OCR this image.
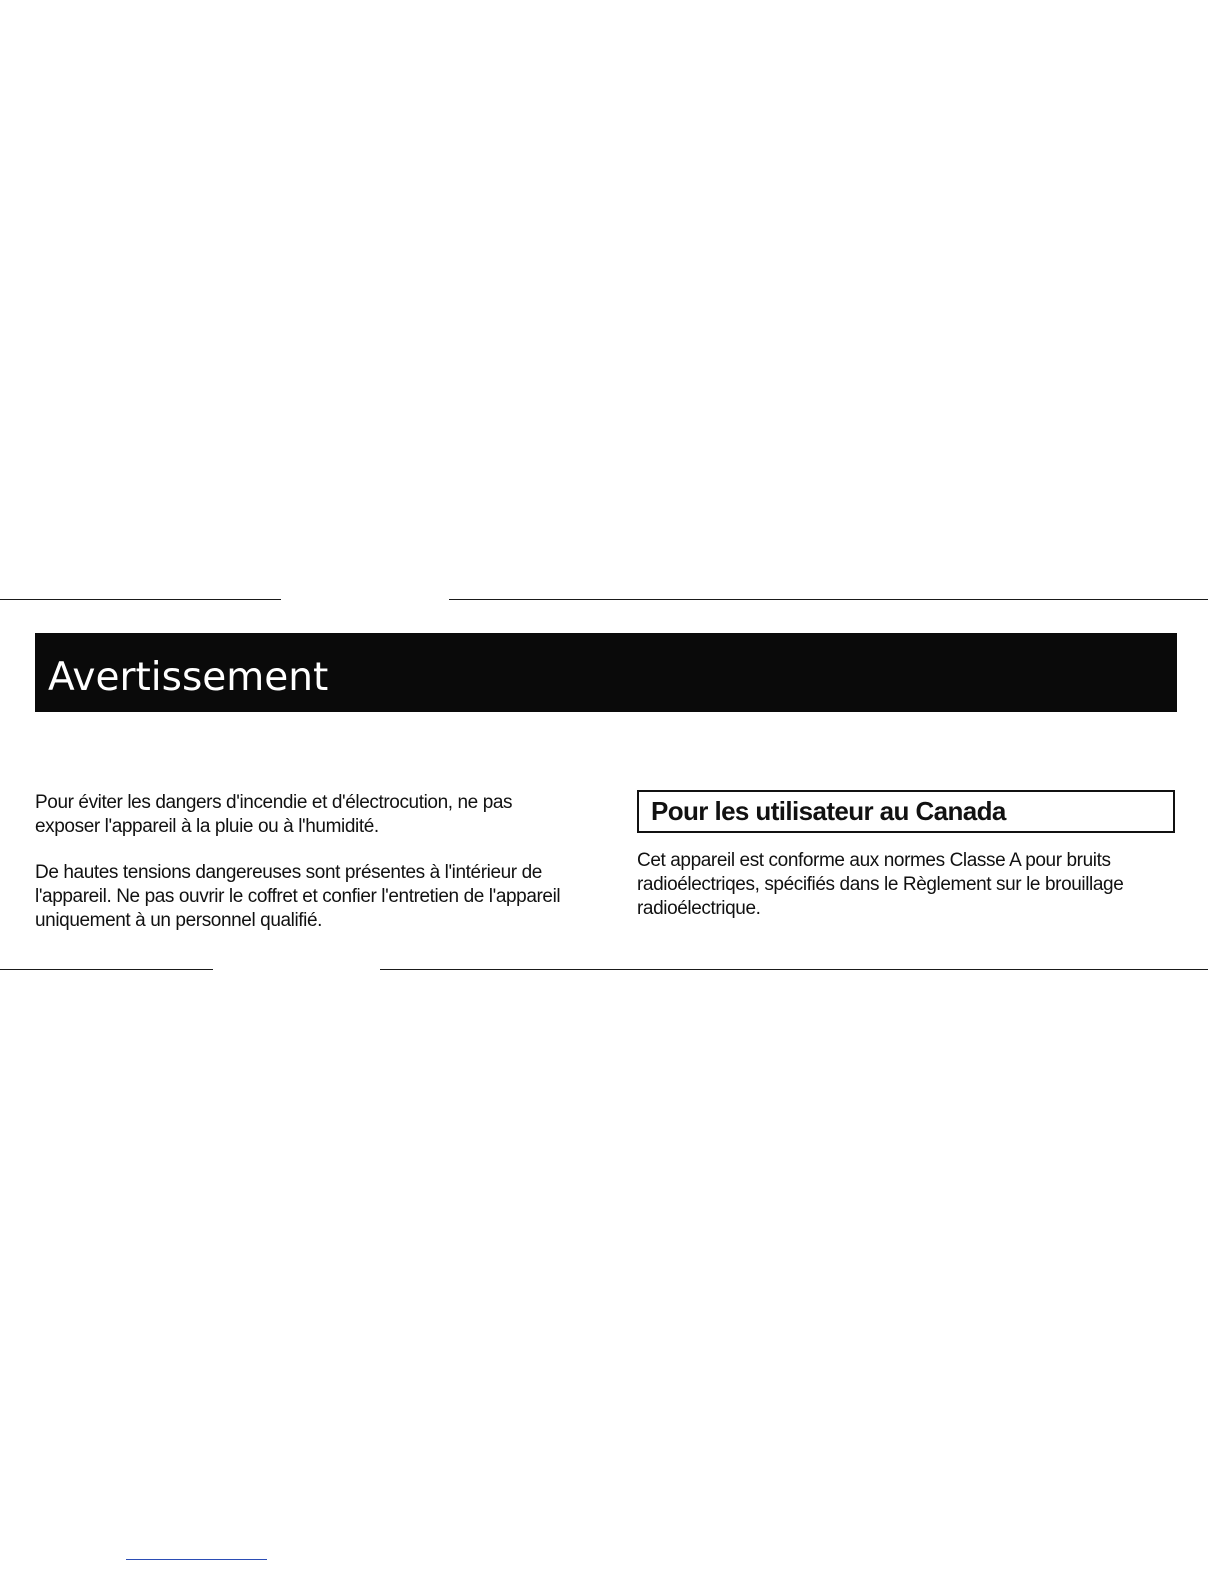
Avertissement

Pour éviter les dangers d'incendie et d'électrocution, ne pas exposer l'appareil à la pluie ou à l'humidité.

De hautes tensions dangereuses sont présentes à l'intérieur de l'appareil. Ne pas ouvrir le coffret et confier l'entretien de l'appareil uniquement à un personnel qualifié.

Pour les utilisateur au Canada

Cet appareil est conforme aux normes Classe A pour bruits radioélectriqes, spécifiés dans le Règlement sur le brouillage radioélectrique.
